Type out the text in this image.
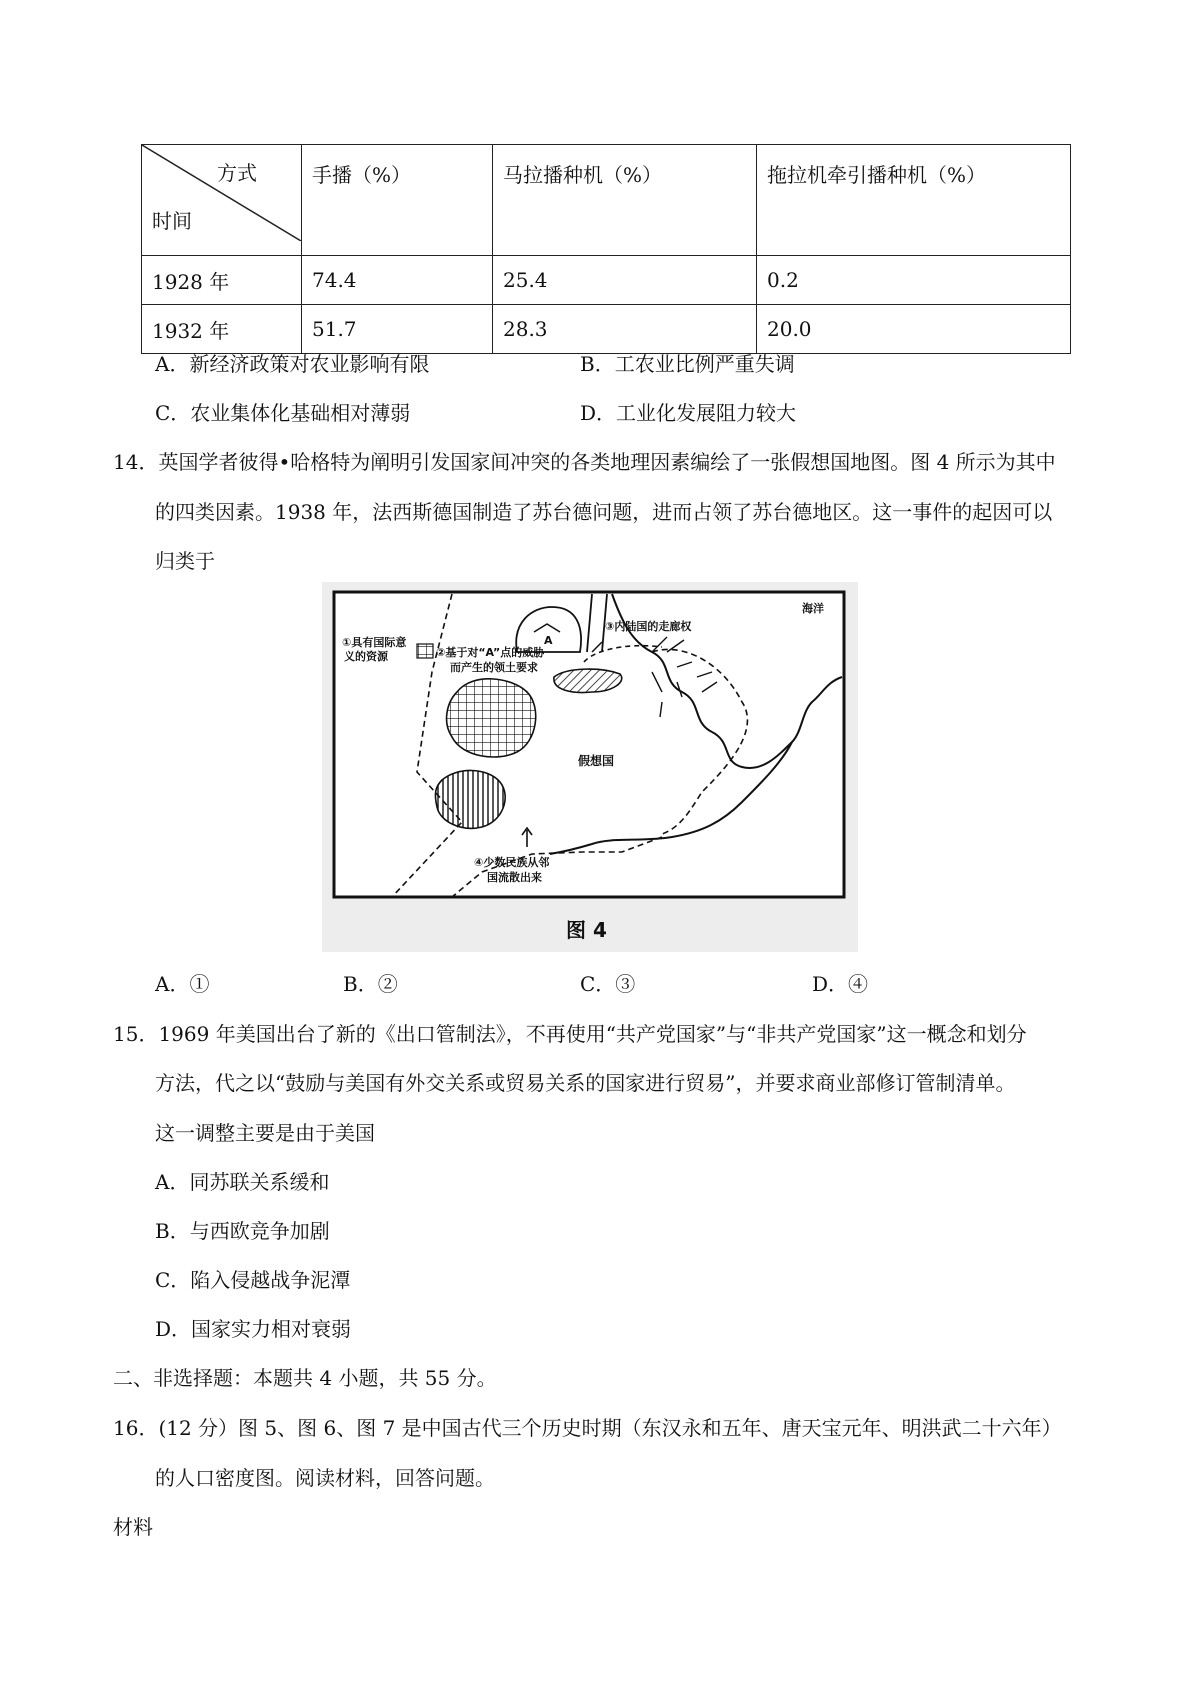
方式
时间	手播（%）	马拉播种机（%）	拖拉机牵引播种机（%）
1928 年	74.4	25.4	0.2
1932 年	51.7	28.3	20.0
A．新经济政策对农业影响有限	B．工农业比例严重失调
C．农业集体化基础相对薄弱	D．工业化发展阻力较大
14．英国学者彼得•哈格特为阐明引发国家间冲突的各类地理因素编绘了一张假想国地图。图 4 所示为其中
的四类因素。1938 年，法西斯德国制造了苏台德问题，进而占领了苏台德地区。这一事件的起因可以
归类于
①具有国际意
义的资源	②基于对“A”点的威胁
而产生的领土要求
③内陆国的走廊权
④少数民族从邻
国流散出来
海洋
假想国
A
图 4
A．①	B．②	C．③	D．④
15．1969 年美国出台了新的《出口管制法》，不再使用“共产党国家”与“非共产党国家”这一概念和划分
方法，代之以“鼓励与美国有外交关系或贸易关系的国家进行贸易”，并要求商业部修订管制清单。
这一调整主要是由于美国
A．同苏联关系缓和
B．与西欧竞争加剧
C．陷入侵越战争泥潭
D．国家实力相对衰弱
二、非选择题：本题共 4 小题，共 55 分。
16．(12 分）图 5、图 6、图 7 是中国古代三个历史时期（东汉永和五年、唐天宝元年、明洪武二十六年）
的人口密度图。阅读材料，回答问题。
材料
